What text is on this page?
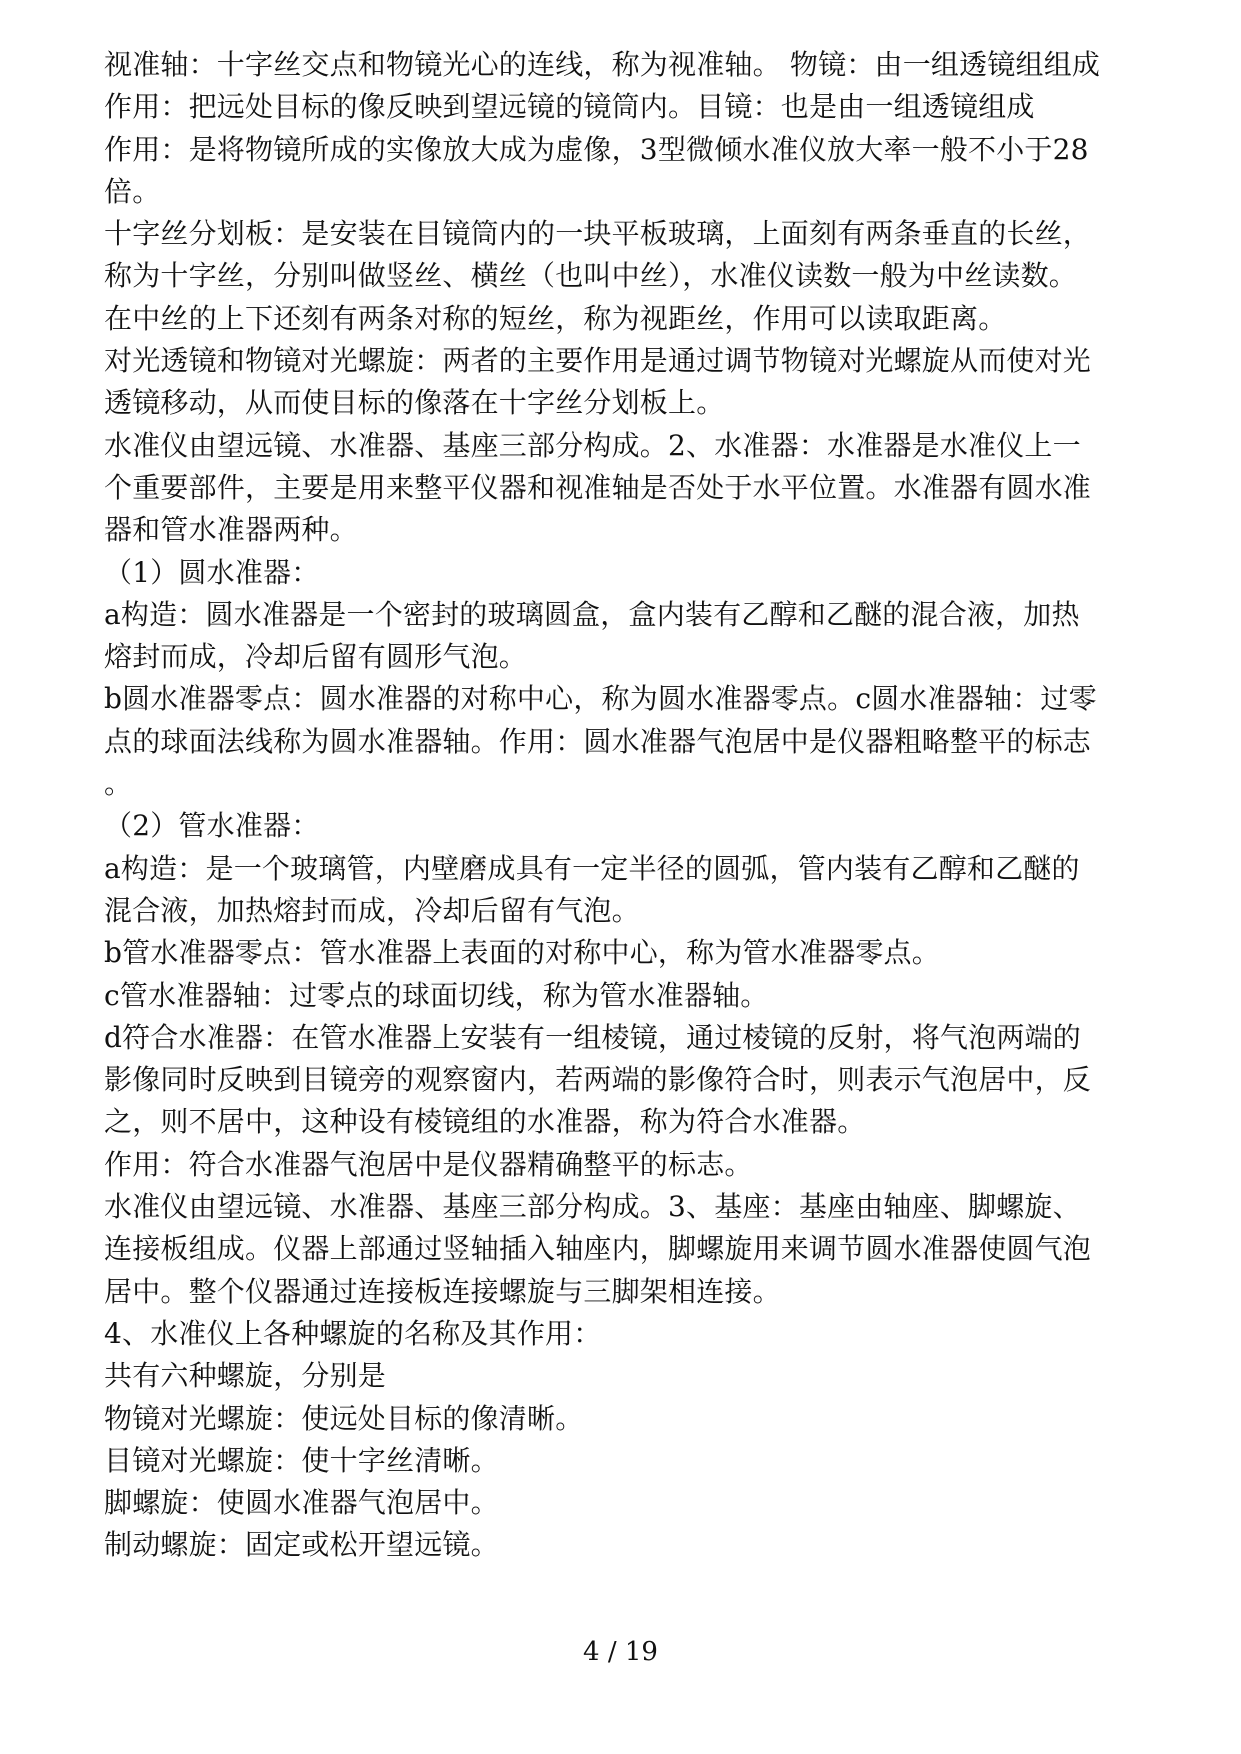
视准轴：十字丝交点和物镜光心的连线，称为视准轴。 物镜：由一组透镜组组成
作用：把远处目标的像反映到望远镜的镜筒内。目镜：也是由一组透镜组成
作用：是将物镜所成的实像放大成为虚像，3型微倾水准仪放大率一般不小于28
倍。
十字丝分划板：是安装在目镜筒内的一块平板玻璃，上面刻有两条垂直的长丝，
称为十字丝，分别叫做竖丝、横丝（也叫中丝），水准仪读数一般为中丝读数。
在中丝的上下还刻有两条对称的短丝，称为视距丝，作用可以读取距离。
对光透镜和物镜对光螺旋：两者的主要作用是通过调节物镜对光螺旋从而使对光
透镜移动，从而使目标的像落在十字丝分划板上。
水准仪由望远镜、水准器、基座三部分构成。2、水准器：水准器是水准仪上一
个重要部件，主要是用来整平仪器和视准轴是否处于水平位置。水准器有圆水准
器和管水准器两种。
（1）圆水准器：
a构造：圆水准器是一个密封的玻璃圆盒，盒内装有乙醇和乙醚的混合液，加热
熔封而成，冷却后留有圆形气泡。
b圆水准器零点：圆水准器的对称中心，称为圆水准器零点。c圆水准器轴：过零
点的球面法线称为圆水准器轴。作用：圆水准器气泡居中是仪器粗略整平的标志
。
（2）管水准器：
a构造：是一个玻璃管，内壁磨成具有一定半径的圆弧，管内装有乙醇和乙醚的
混合液，加热熔封而成，冷却后留有气泡。
b管水准器零点：管水准器上表面的对称中心，称为管水准器零点。
c管水准器轴：过零点的球面切线，称为管水准器轴。
d符合水准器：在管水准器上安装有一组棱镜，通过棱镜的反射，将气泡两端的
影像同时反映到目镜旁的观察窗内，若两端的影像符合时，则表示气泡居中，反
之，则不居中，这种设有棱镜组的水准器，称为符合水准器。
作用：符合水准器气泡居中是仪器精确整平的标志。
水准仪由望远镜、水准器、基座三部分构成。3、基座：基座由轴座、脚螺旋、
连接板组成。仪器上部通过竖轴插入轴座内，脚螺旋用来调节圆水准器使圆气泡
居中。整个仪器通过连接板连接螺旋与三脚架相连接。
4、水准仪上各种螺旋的名称及其作用：
共有六种螺旋，分别是
物镜对光螺旋：使远处目标的像清晰。
目镜对光螺旋：使十字丝清晰。
脚螺旋：使圆水准器气泡居中。
制动螺旋：固定或松开望远镜。
4 / 19
